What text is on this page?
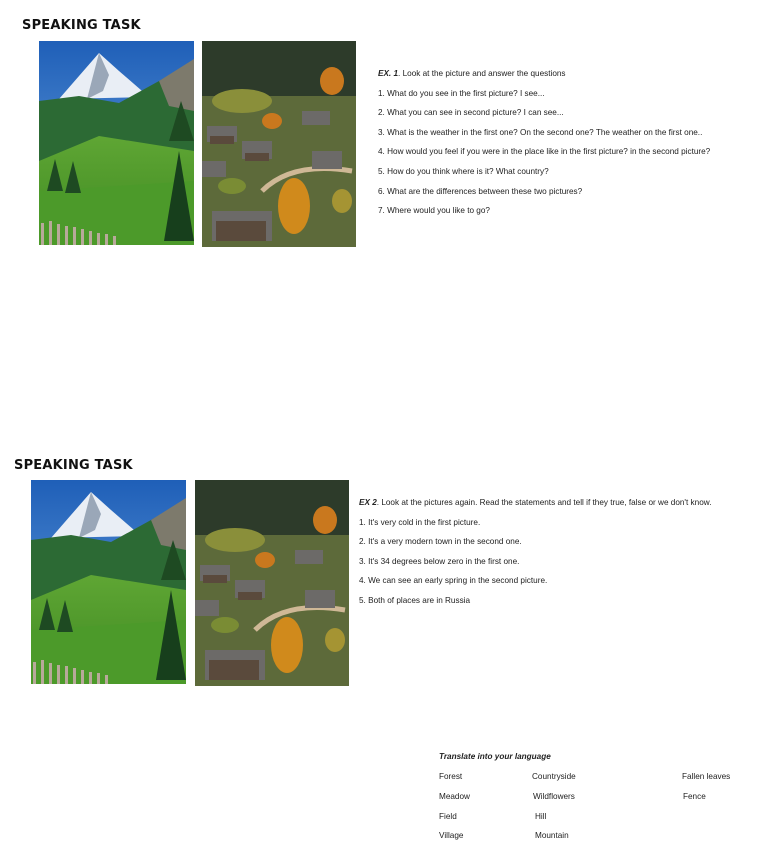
SPEAKING TASK
EX. 1. Look at the picture and answer the questions
1. What do you see in the first picture? I see...
2. What you can see in second picture? I can see...
3. What is the weather in the first one? On the second one? The weather on the first one..
4. How would you feel if you were in the place like in the first picture? in the second picture?
5. How do you think where is it? What country?
6. What are the differences between these two pictures?
7. Where would you like to go?
SPEAKING TASK
EX 2. Look at the pictures again. Read the statements and tell if they true, false or we don't know.
1. It's very cold in the first picture.
2. It's a very modern town in the second one.
3. It's 34 degrees below zero in the first one.
4. We can see an early spring in the second picture.
5. Both of places are in Russia
Translate into your language
Forest
Meadow
Field
Village
Countryside
Wildflowers
Hill
Mountain
Fallen leaves
Fence
